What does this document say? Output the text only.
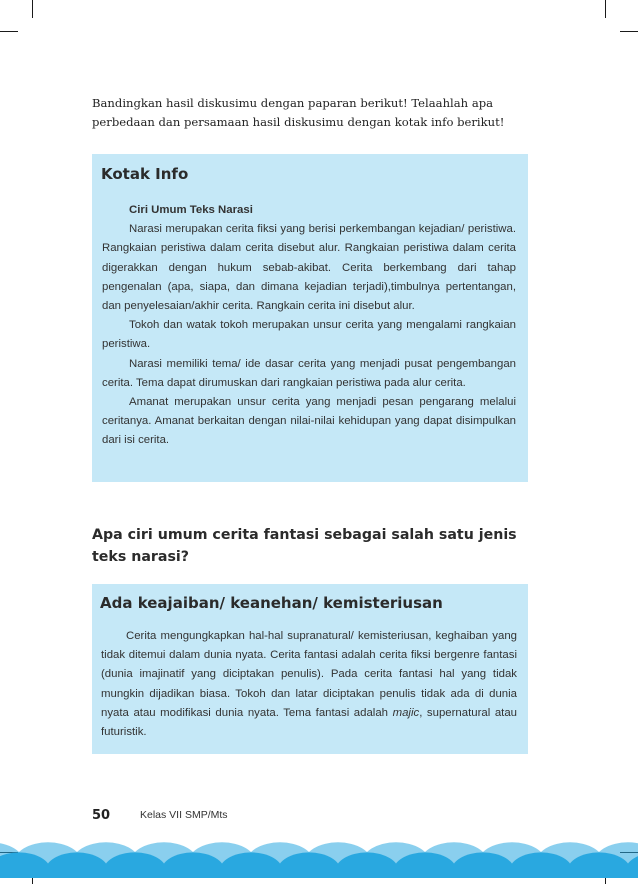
Bandingkan hasil diskusimu dengan paparan berikut! Telaahlah apa perbedaan dan persamaan hasil diskusimu dengan kotak info berikut!

Kotak Info

Ciri Umum Teks Narasi

Narasi merupakan cerita fiksi yang berisi perkembangan kejadian/ peristiwa. Rangkaian peristiwa dalam cerita disebut alur. Rangkaian peristiwa dalam cerita digerakkan dengan hukum sebab-akibat. Cerita berkembang dari tahap pengenalan (apa, siapa, dan dimana kejadian terjadi),timbulnya pertentangan, dan penyelesaian/akhir cerita. Rangkain cerita ini disebut alur.

Tokoh dan watak tokoh merupakan unsur cerita yang mengalami rangkaian peristiwa.

Narasi memiliki tema/ ide dasar cerita yang menjadi pusat pengembangan cerita. Tema dapat dirumuskan dari rangkaian peristiwa pada alur cerita.

Amanat merupakan unsur cerita yang menjadi pesan pengarang melalui ceritanya. Amanat berkaitan dengan nilai-nilai kehidupan yang dapat disimpulkan dari isi cerita.

Apa ciri umum cerita fantasi sebagai salah satu jenis teks narasi?
Ada keajaiban/ keanehan/ kemisteriusan

Cerita mengungkapkan hal-hal supranatural/ kemisteriusan, keghaiban yang tidak ditemui dalam dunia nyata. Cerita fantasi adalah cerita fiksi bergenre fantasi (dunia imajinatif yang diciptakan penulis). Pada cerita fantasi hal yang tidak mungkin dijadikan biasa. Tokoh dan latar diciptakan penulis tidak ada di dunia nyata atau modifikasi dunia nyata. Tema fantasi adalah majic, supernatural atau futuristik.

50	Kelas VII SMP/Mts
